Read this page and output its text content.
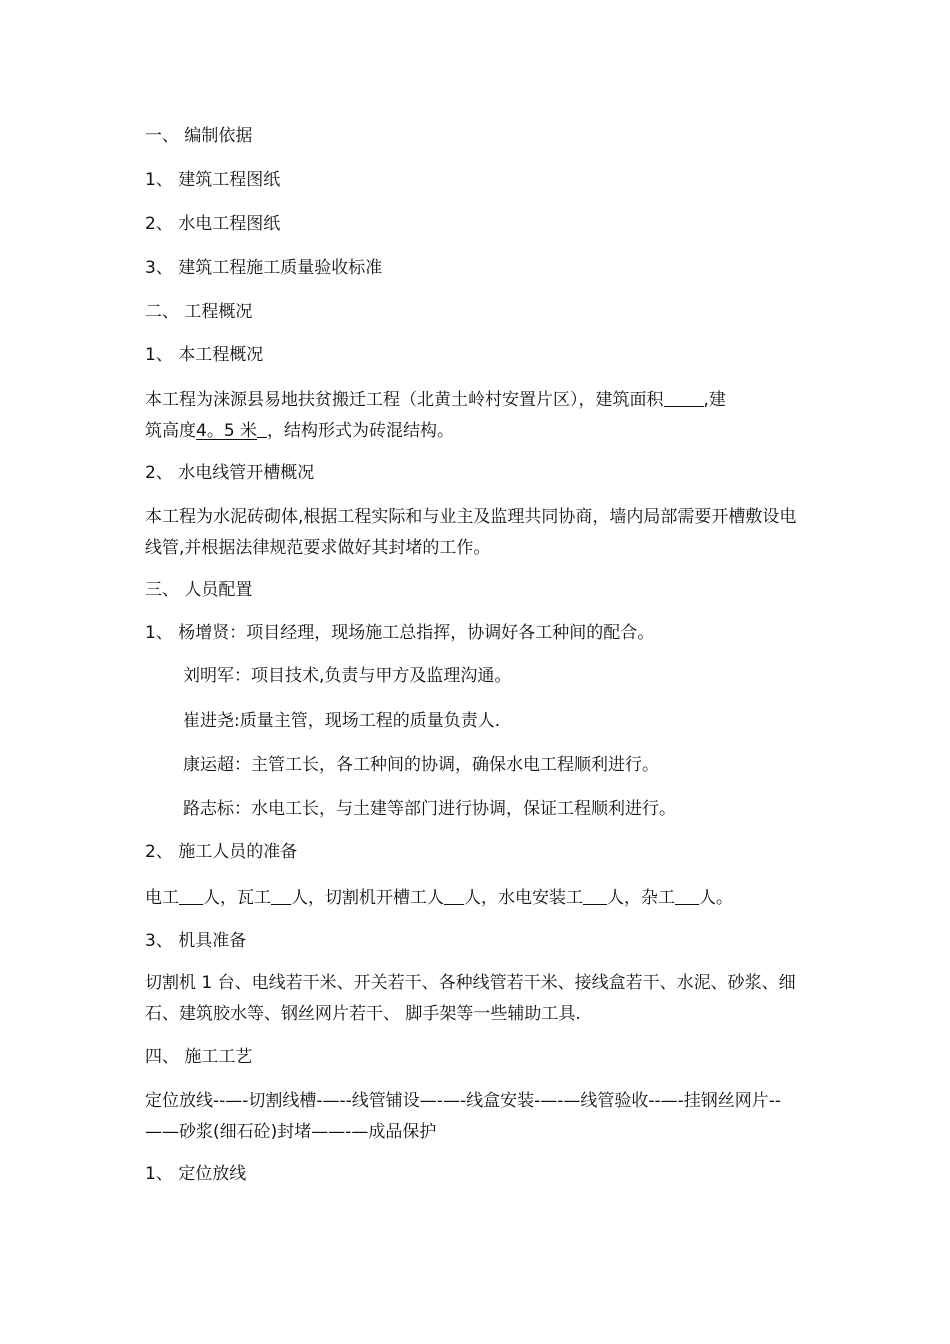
一、 编制依据

1、 建筑工程图纸

2、 水电工程图纸

3、 建筑工程施工质量验收标准

二、 工程概况

1、 本工程概况

本工程为涞源县易地扶贫搬迁工程（北黄土岭村安置片区），建筑面积 ,建
筑高度4。5 米 ，结构形式为砖混结构。

2、 水电线管开槽概况

本工程为水泥砖砌体,根据工程实际和与业主及监理共同协商，墙内局部需要开槽敷设电线管,并根据法律规范要求做好其封堵的工作。

三、 人员配置

1、 杨增贤：项目经理，现场施工总指挥，协调好各工种间的配合。

刘明军：项目技术,负责与甲方及监理沟通。

崔进尧:质量主管，现场工程的质量负责人.

康运超：主管工长，各工种间的协调，确保水电工程顺利进行。

路志标：水电工长，与土建等部门进行协调，保证工程顺利进行。

2、 施工人员的准备

电工 人，瓦工 人，切割机开槽工人 人，水电安装工 人，杂工 人。

3、 机具准备

切割机 1 台、电线若干米、开关若干、各种线管若干米、接线盒若干、水泥、砂浆、细石、建筑胶水等、钢丝网片若干、 脚手架等一些辅助工具.

四、 施工工艺

定位放线--—-切割线槽-—--线管铺设—-—-线盒安装-—-—线管验收--—-挂钢丝网片--——砂浆(细石砼)封堵——-—成品保护

1、 定位放线
